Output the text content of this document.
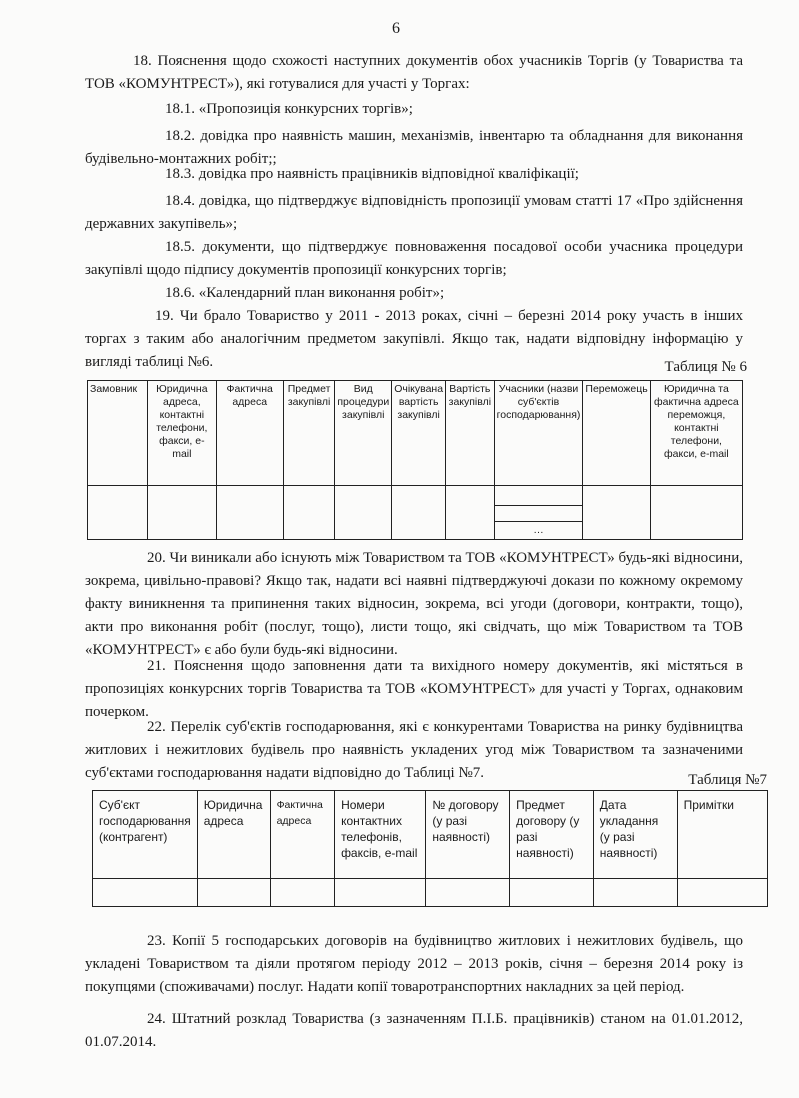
6
18. Пояснення щодо схожості наступних документів обох учасників Торгів (у Товариства та ТОВ «КОМУНТРЕСТ»), які готувалися для участі у Торгах:
18.1. «Пропозиція конкурсних торгів»;
18.2. довідка про наявність машин, механізмів, інвентарю та обладнання для виконання будівельно-монтажних робіт;;
18.3. довідка про наявність працівників відповідної кваліфікації;
18.4. довідка, що підтверджує відповідність пропозиції умовам статті 17 «Про здійснення державних закупівель»;
18.5. документи, що підтверджує повноваження посадової особи учасника процедури закупівлі щодо підпису документів пропозиції конкурсних торгів;
18.6. «Календарний план виконання робіт»;
19. Чи брало Товариство у 2011 - 2013 роках, січні – березні 2014 року участь в інших торгах з таким або аналогічним предметом закупівлі. Якщо так, надати відповідну інформацію у вигляді таблиці №6.	Таблиця № 6
Замовник	Юридична адреса, контактні телефони, факси, e-mail	Фактична адреса	Предмет закупівлі	Вид процедури закупівлі	Очікувана вартість закупівлі	Вартість закупівлі	Учасники (назви суб'єктів господарювання)	Переможець	Юридична та фактична адреса переможця, контактні телефони, факси, e-mail

							…		
20. Чи виникали або існують між Товариством та ТОВ «КОМУНТРЕСТ» будь-які відносини, зокрема, цивільно-правові? Якщо так, надати всі наявні підтверджуючі докази по кожному окремому факту виникнення та припинення таких відносин, зокрема, всі угоди (договори, контракти, тощо), акти про виконання робіт (послуг, тощо), листи тощо, які свідчать, що між Товариством та ТОВ «КОМУНТРЕСТ» є або були будь-які відносини.
21. Пояснення щодо заповнення дати та вихідного номеру документів, які містяться в пропозиціях конкурсних торгів Товариства та ТОВ «КОМУНТРЕСТ» для участі у Торгах, однаковим почерком.
22. Перелік суб'єктів господарювання, які є конкурентами Товариства на ринку будівництва житлових і нежитлових будівель про наявність укладених угод між Товариством та зазначеними суб'єктами господарювання надати відповідно до Таблиці №7.	Таблиця №7
Суб'єкт господарювання (контрагент)	Юридична адреса	Фактична адреса	Номери контактних телефонів, факсів, e-mail	№ договору (у разі наявності)	Предмет договору (у разі наявності)	Дата укладання (у разі наявності)	Примітки

23. Копії 5 господарських договорів на будівництво житлових і нежитлових будівель, що укладені Товариством та діяли протягом періоду 2012 – 2013 років, січня – березня 2014 року із покупцями (споживачами) послуг. Надати копії товаротранспортних накладних за цей період.
24. Штатний розклад Товариства (з зазначенням П.І.Б. працівників) станом на 01.01.2012, 01.07.2014.
